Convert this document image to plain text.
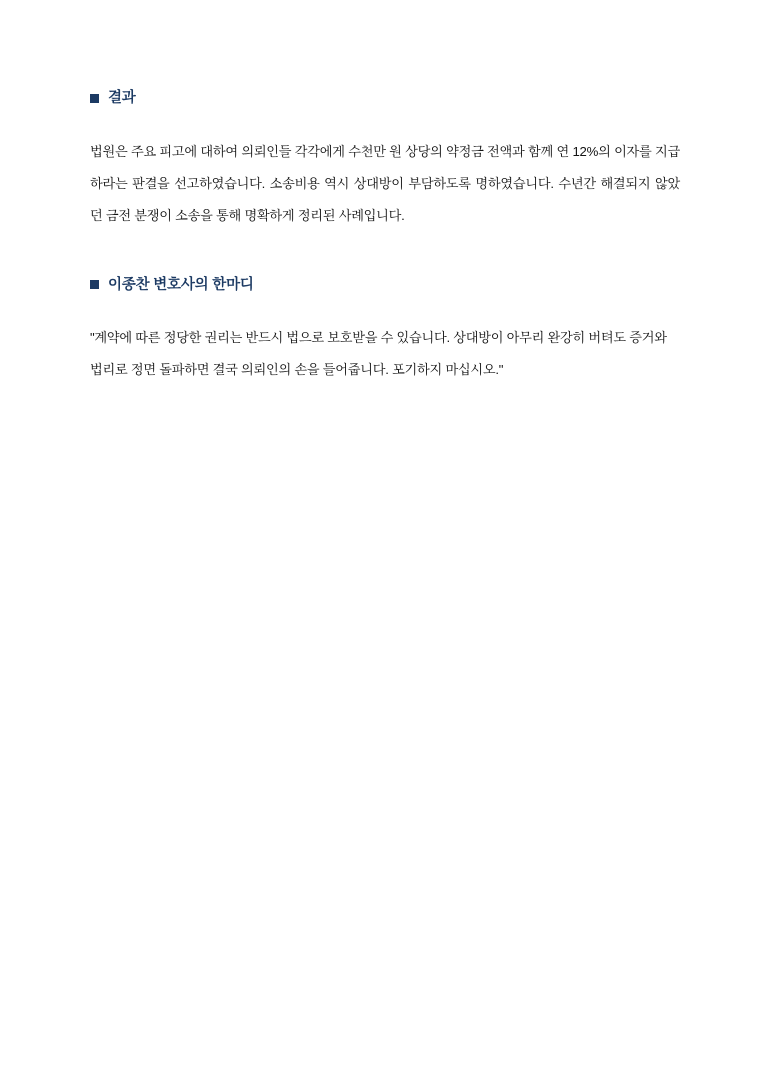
결과

법원은 주요 피고에 대하여 의뢰인들 각각에게 수천만 원 상당의 약정금 전액과 함께 연 12%의 이자를 지급하라는 판결을 선고하였습니다. 소송비용 역시 상대방이 부담하도록 명하였습니다. 수년간 해결되지 않았던 금전 분쟁이 소송을 통해 명확하게 정리된 사례입니다.

이종찬 변호사의 한마디

"계약에 따른 정당한 권리는 반드시 법으로 보호받을 수 있습니다. 상대방이 아무리 완강히 버텨도 증거와 법리로 정면 돌파하면 결국 의뢰인의 손을 들어줍니다. 포기하지 마십시오."
